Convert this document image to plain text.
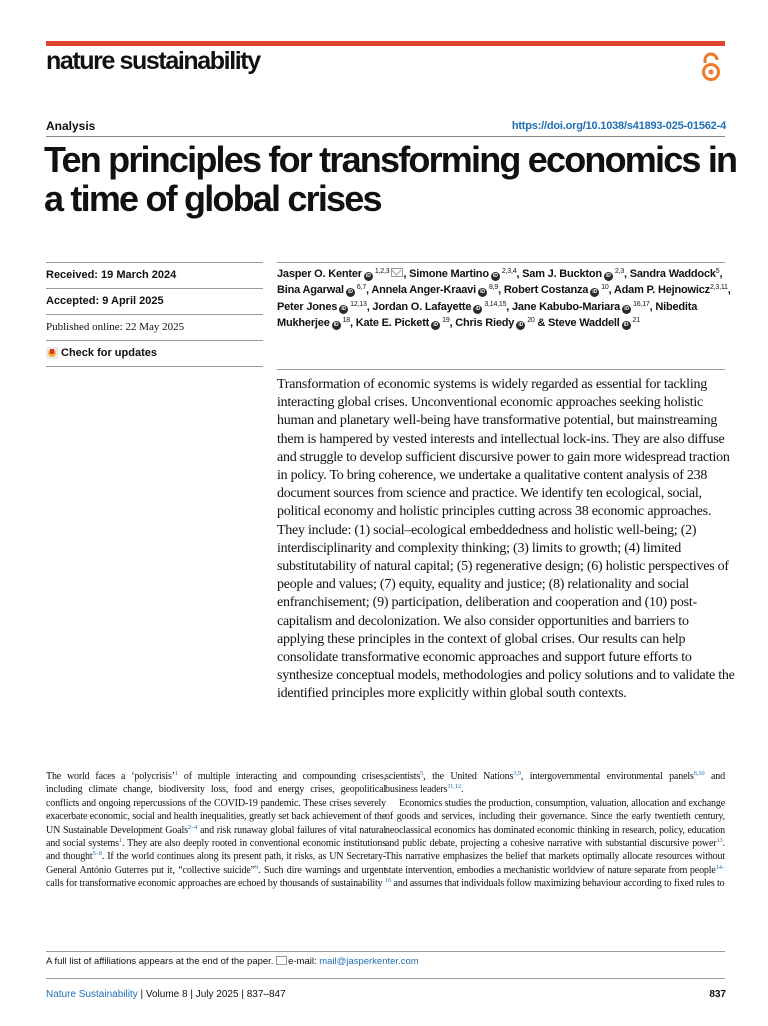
nature sustainability
Analysis	https://doi.org/10.1038/s41893-025-01562-4
Ten principles for transforming economics in a time of global crises
Received: 19 March 2024
Accepted: 9 April 2025
Published online: 22 May 2025
Check for updates
Jasper O. Kenter iD$^{1,2,3}$ , Simone Martino iD$^{2,3,4}$, Sam J. Buckton iD$^{2,3}$, Sandra Waddock$^5$, Bina Agarwal iD$^{6,7}$, Annela Anger-Kraavi iD$^{8,9}$, Robert Costanza $iD^{10}$, Adam P. Hejnowicz$^{2,3,11}$, Peter Jones iD$^{12,13}$, Jordan O. Lafayette iD$^{3,14,15}$, Jane Kabubo-Mariara iD$^{16,17}$, Nibedita Mukherjee $iD^{18}$, Kate E. Pickett $iD^{19}$, Chris Riedy $iD^{20}$ & Steve Waddell $iD^{21}$
Transformation of economic systems is widely regarded as essential for tackling interacting global crises. Unconventional economic approaches seeking holistic human and planetary well-being have transformative potential, but mainstreaming them is hampered by vested interests and intellectual lock-ins. They are also diffuse and struggle to develop sufficient discursive power to gain more widespread traction in policy. To bring coherence, we undertake a qualitative content analysis of 238 document sources from science and practice. We identify ten ecological, social, political economy and holistic principles cutting across 38 economic approaches. They include: (1) social–ecological embeddedness and holistic well-being; (2) interdisciplinarity and complexity thinking; (3) limits to growth; (4) limited substitutability of natural capital; (5) regenerative design; (6) holistic perspectives of people and values; (7) equity, equality and justice; (8) relationality and social enfranchisement; (9) participation, deliberation and cooperation and (10) post-capitalism and decolonization. We also consider opportunities and barriers to applying these principles in the context of global crises. Our results can help consolidate transformative economic approaches and support future efforts to synthesize conceptual models, methodologies and policy solutions and to validate the identified principles more explicitly within global south contexts.

The world faces a ‘polycrisis’$^1$ of multiple interacting and compounding crises, including climate change, biodiversity loss, food and energy crises, geopolitical conflicts and ongoing repercussions of the COVID-19 pandemic. These crises severely exacerbate economic, social and health inequalities, greatly set back achievement of the UN Sustainable Development Goals$^{2-4}$ and risk runaway global failures of vital natural and social systems$^1$. They are also deeply rooted in conventional economic institutions and thought$^{5-8}$. If the world continues along its present path, it risks, as UN Secretary-General António Guterres put it, “collective suicide”$^9$. Such dire warnings and urgent calls for transformative economic approaches are echoed by thousands of sustainability

scientists$^5$, the United Nations$^{3,9}$, intergovernmental environmental panels$^{6,10}$ and business leaders$^{11,12}$.

Economics studies the production, consumption, valuation, allocation and exchange of goods and services, including their governance. Since the early twentieth century, neoclassical economics has dominated economic thinking in research, policy, education and public debate, projecting a cohesive narrative with substantial discursive power$^{13}$. This narrative emphasizes the belief that markets optimally allocate resources without state intervention, embodies a mechanistic worldview of nature separate from people$^{14-16}$ and assumes that individuals follow maximizing behaviour according to fixed rules to

A full list of affiliations appears at the end of the paper. e-mail: mail@jasperkenter.com
Nature Sustainability | Volume 8 | July 2025 | 837–847	837
